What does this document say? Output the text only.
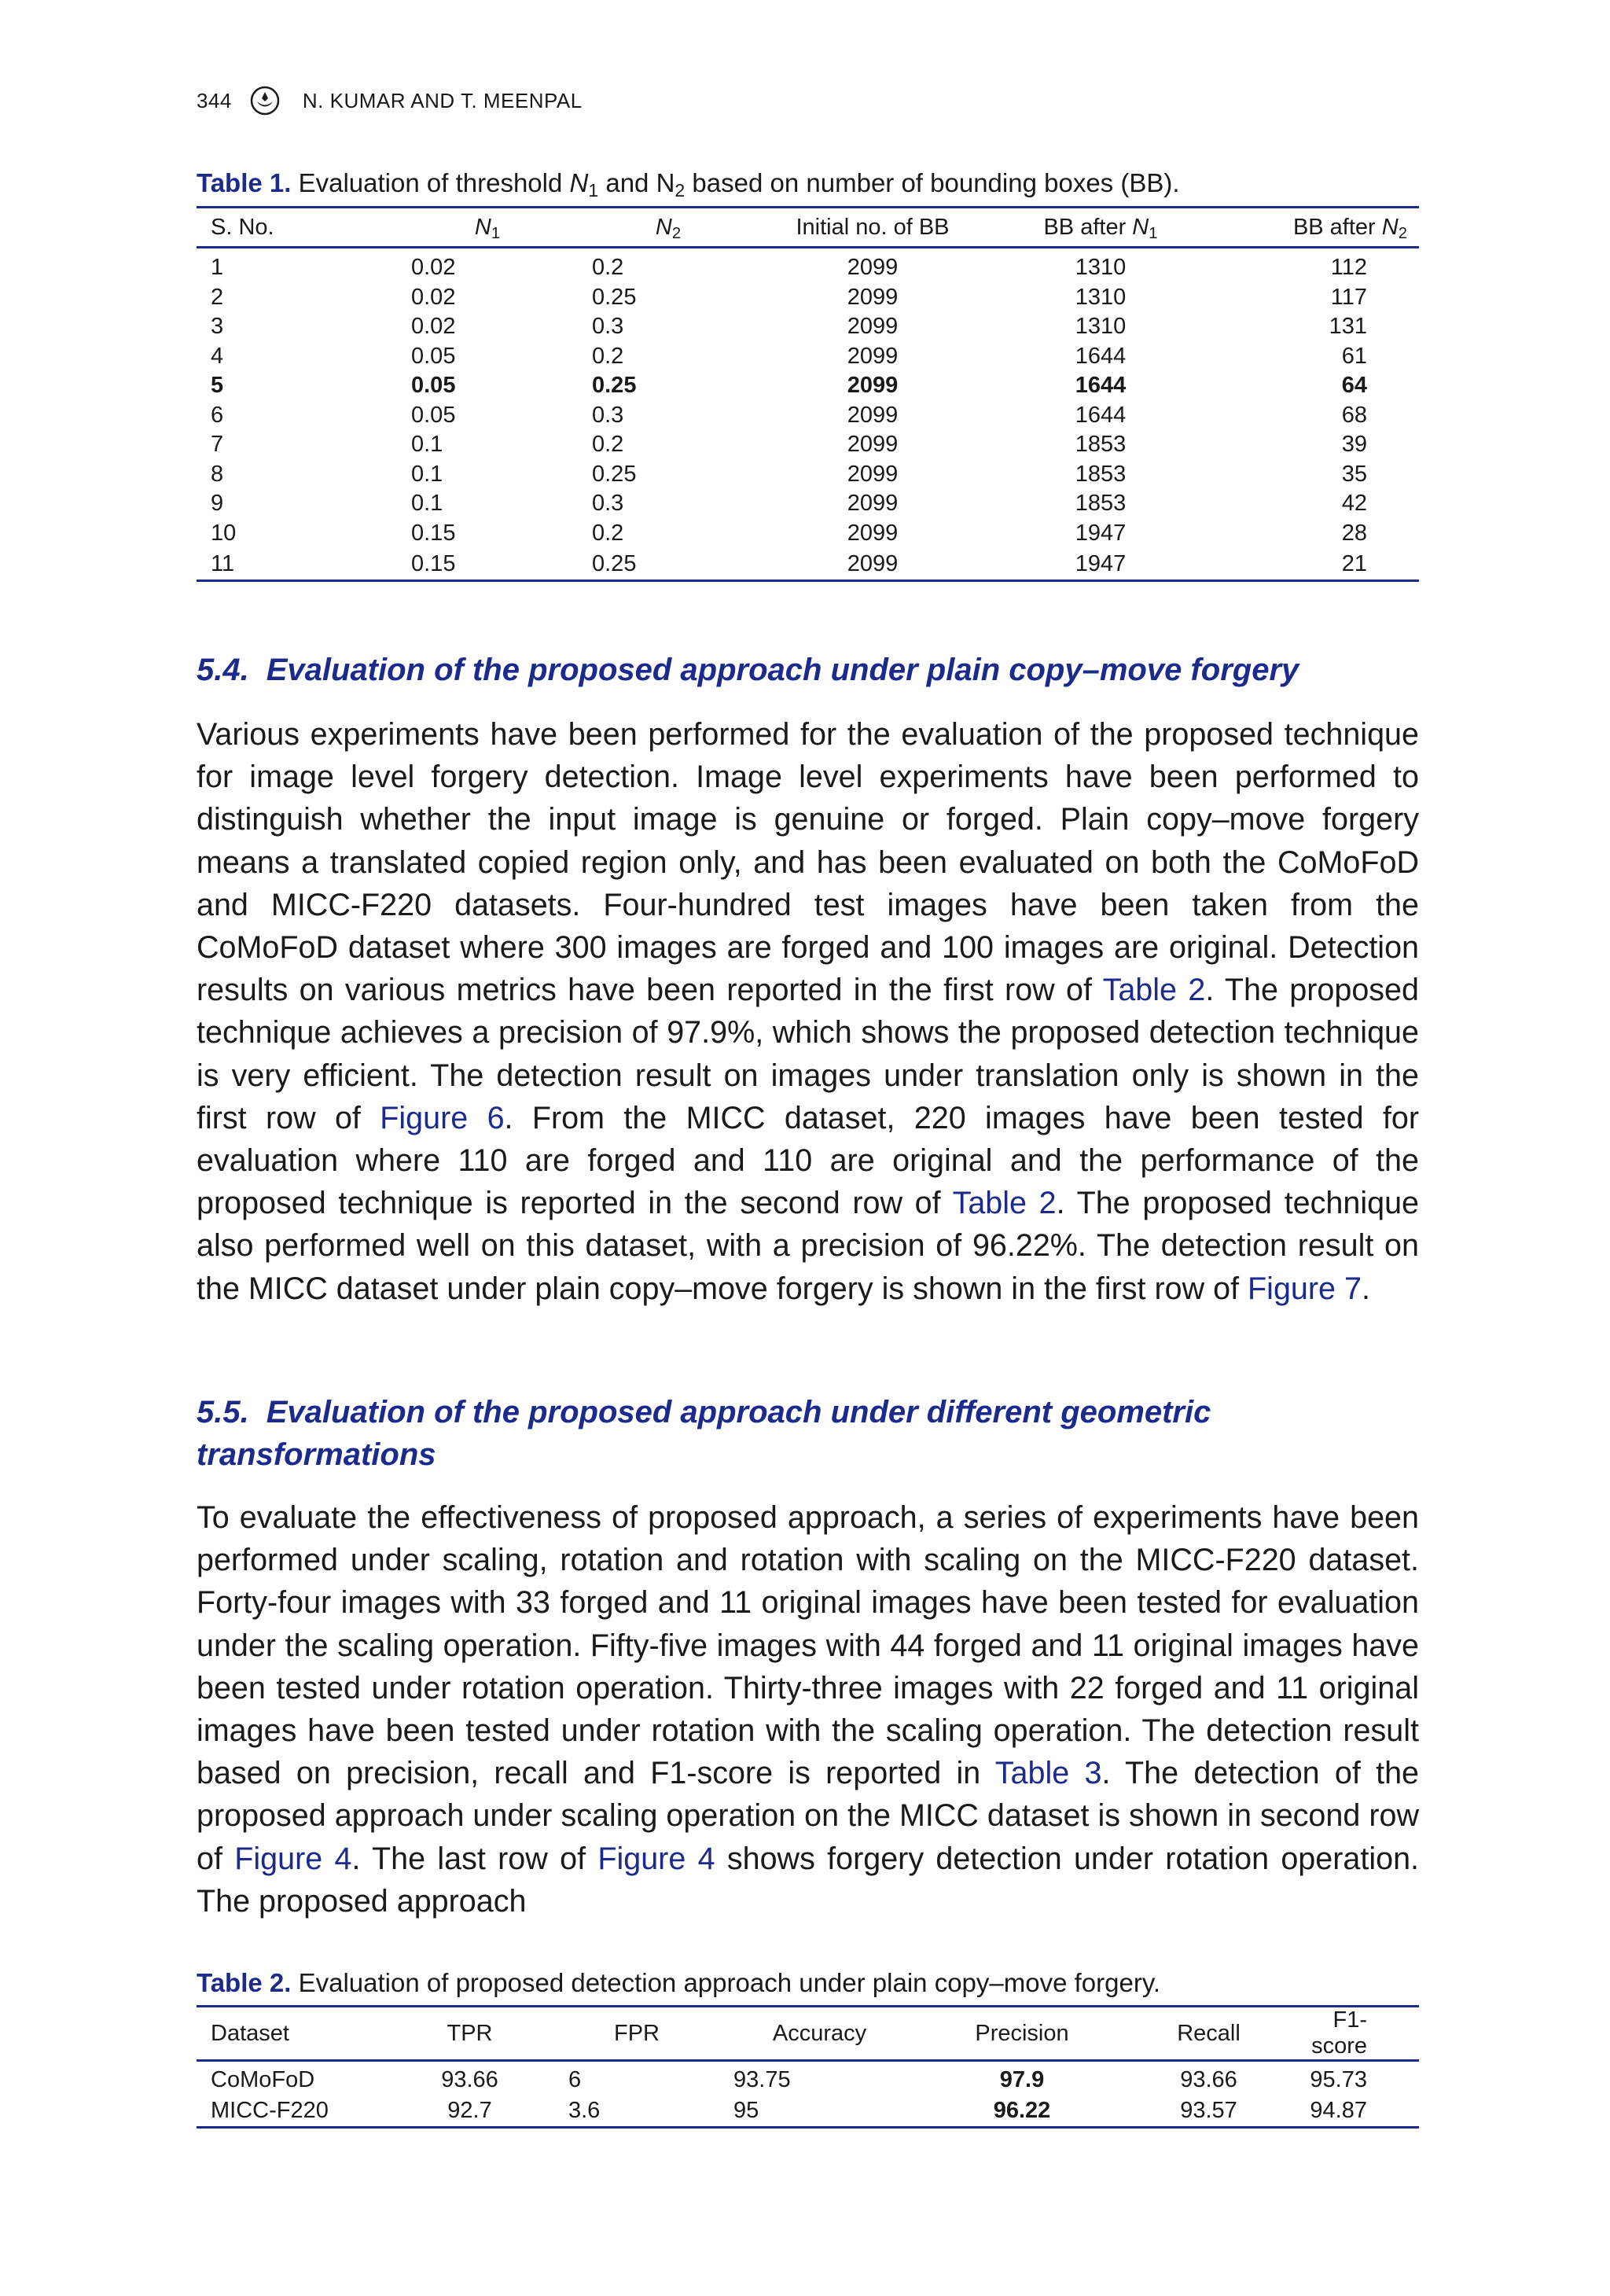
344	N. KUMAR AND T. MEENPAL
Table 1. Evaluation of threshold $N_1$ and $N_2$ based on number of bounding boxes (BB).
S. No.	$N_1$	$N_2$	Initial no. of BB	BB after $N_1$	BB after $N_2$
1	0.02	0.2	2099	1310	112
2	0.02	0.25	2099	1310	117
3	0.02	0.3	2099	1310	131
4	0.05	0.2	2099	1644	61
5	0.05	0.25	2099	1644	64
6	0.05	0.3	2099	1644	68
7	0.1	0.2	2099	1853	39
8	0.1	0.25	2099	1853	35
9	0.1	0.3	2099	1853	42
10	0.15	0.2	2099	1947	28
11	0.15	0.25	2099	1947	21
5.4. Evaluation of the proposed approach under plain copy–move forgery
Various experiments have been performed for the evaluation of the proposed technique for image level forgery detection. Image level experiments have been performed to distinguish whether the input image is genuine or forged. Plain copy–move forgery means a translated copied region only, and has been evaluated on both the CoMoFoD and MICC-F220 datasets. Four-hundred test images have been taken from the CoMoFoD dataset where 300 images are forged and 100 images are original. Detection results on various metrics have been reported in the first row of Table 2. The proposed technique achieves a precision of 97.9%, which shows the proposed detection technique is very efficient. The detection result on images under translation only is shown in the first row of Figure 6. From the MICC dataset, 220 images have been tested for evaluation where 110 are forged and 110 are original and the performance of the proposed technique is reported in the second row of Table 2. The proposed technique also performed well on this dataset, with a precision of 96.22%. The detection result on the MICC dataset under plain copy–move forgery is shown in the first row of Figure 7.
5.5. Evaluation of the proposed approach under different geometric transformations
To evaluate the effectiveness of proposed approach, a series of experiments have been performed under scaling, rotation and rotation with scaling on the MICC-F220 dataset. Forty-four images with 33 forged and 11 original images have been tested for evaluation under the scaling operation. Fifty-five images with 44 forged and 11 original images have been tested under rotation operation. Thirty-three images with 22 forged and 11 original images have been tested under rotation with the scaling operation. The detection result based on precision, recall and F1-score is reported in Table 3. The detection of the proposed approach under scaling operation on the MICC dataset is shown in second row of Figure 4. The last row of Figure 4 shows forgery detection under rotation operation. The proposed approach
Table 2. Evaluation of proposed detection approach under plain copy–move forgery.
Dataset	TPR	FPR	Accuracy	Precision	Recall	F1-score
CoMoFoD	93.66	6	93.75	97.9	93.66	95.73
MICC-F220	92.7	3.6	95	96.22	93.57	94.87
